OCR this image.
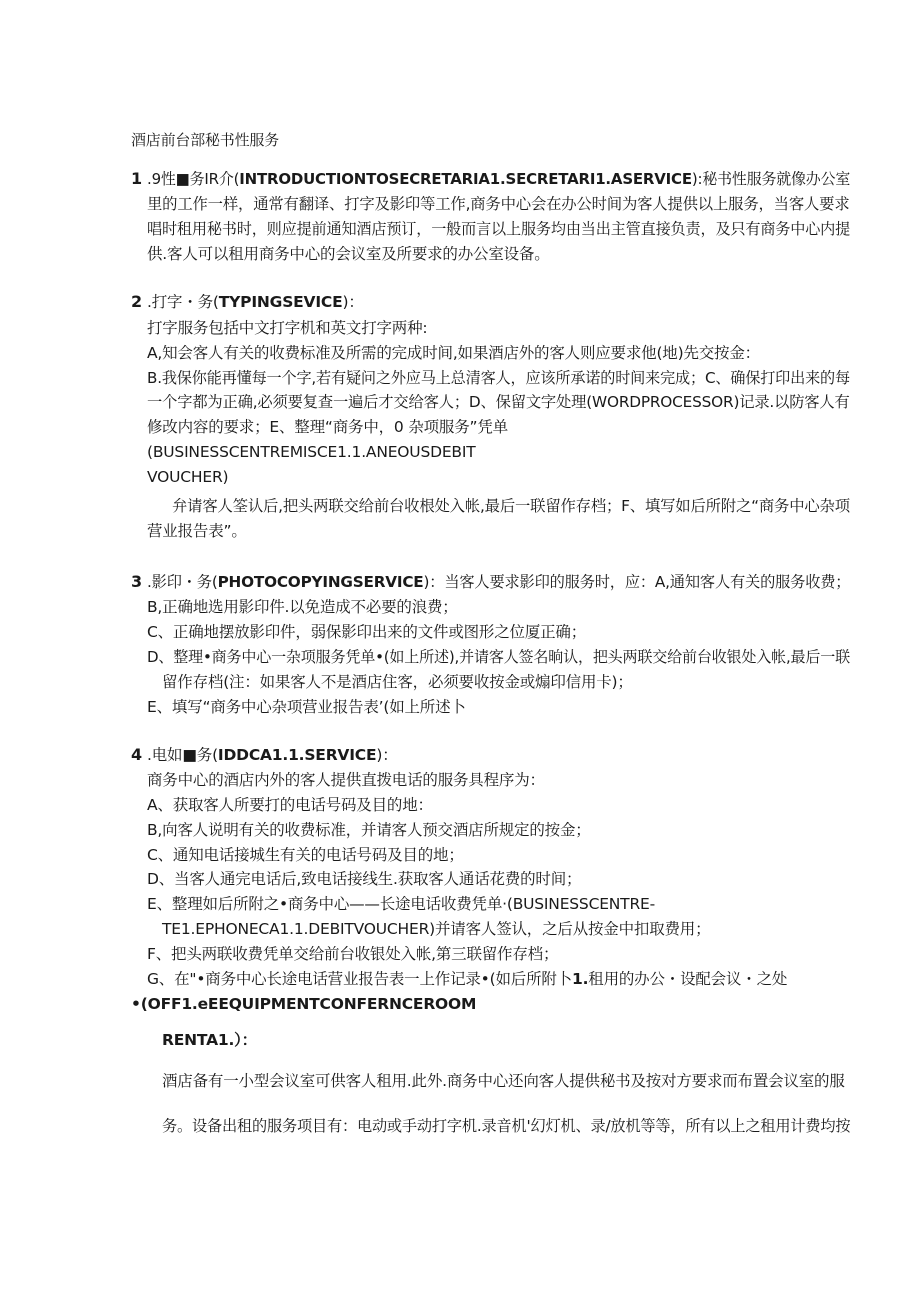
酒店前台部秘书性服务
1 .9性■务IR介(INTRODUCTIONTOSECRETARIA1.SECRETARI1.ASERVICE):秘书性服务就像办公室
里的工作一样，通常有翻译、打字及影印等工作,商务中心会在办公时间为客人提供以上服务，当客人要求
唱时租用秘书时，则应提前通知酒店预订，一般而言以上服务均由当出主管直接负责，及只有商务中心内提
供.客人可以租用商务中心的会议室及所要求的办公室设备。
2 .打字・务(TYPINGSEVICE)：
打字服务包括中文打字机和英文打字两种:
A,知会客人有关的收费标准及所需的完成时间,如果酒店外的客人则应要求他(地)先交按金：
B.我保你能再懂每一个字,若有疑问之外应马上总清客人，应该所承诺的时间来完成；C、确保打印出来的每
一个字都为正确,必须要复查一遍后才交给客人；D、保留文字处理(WORDPROCESSOR)记录.以防客人有
修改内容的要求；E、整理“商务中，0 杂项服务”凭单
(BUSINESSCENTREMISCE1.1.ANEOUSDEBIT
VOUCHER)
弁请客人筌认后,把头两联交给前台收根处入帐,最后一联留作存档；F、填写如后所附之“商务中心杂项
营业报告表”。
3 .影印・务(PHOTOCOPYINGSERVICE)：当客人要求影印的服务时，应：A,通知客人有关的服务收费；
B,正确地选用影印件.以免造成不必要的浪费；
C、正确地摆放影印件，弱保影印出来的文件或图形之位厦正确；
D、整理•商务中心一杂项服务凭单•(如上所述),并请客人签名晌认，把头两联交给前台收银处入帐,最后一联
留作存档(注：如果客人不是酒店住客，必须要收按金或煽印信用卡)；
E、填写“商务中心杂项营业报告表’(如上所述卜
4 .电如■务(IDDCA1.1.SERVICE)：
商务中心的酒店内外的客人提供直拨电话的服务具程序为：
A、获取客人所要打的电话号码及目的地：
B,向客人说明有关的收费标准，并请客人预交酒店所规定的按金；
C、通知电话接城生有关的电话号码及目的地；
D、当客人通完电话后,致电话接线生.获取客人通话花费的时间；
E、整理如后所附之•商务中心——长途电话收费凭单·(BUSINESSCENTRE-
TE1.EPHONECA1.1.DEBITVOUCHER)并请客人签认，之后从按金中扣取费用；
F、把头两联收费凭单交给前台收银处入帐,第三联留作存档；
G、在"•商务中心长途电话营业报告表一上作记录•(如后所附卜1.租用的办公・设配会议・之处
•(OFF1.eEEQUIPMENTCONFERNCEROOM
RENTA1.）：
酒店备有一小型会议室可供客人租用.此外.商务中心还向客人提供秘书及按对方要求而布置会议室的服
务。设备出租的服务项目有：电动或手动打字机.录音机'幻灯机、录/放机等等，所有以上之租用计费均按
